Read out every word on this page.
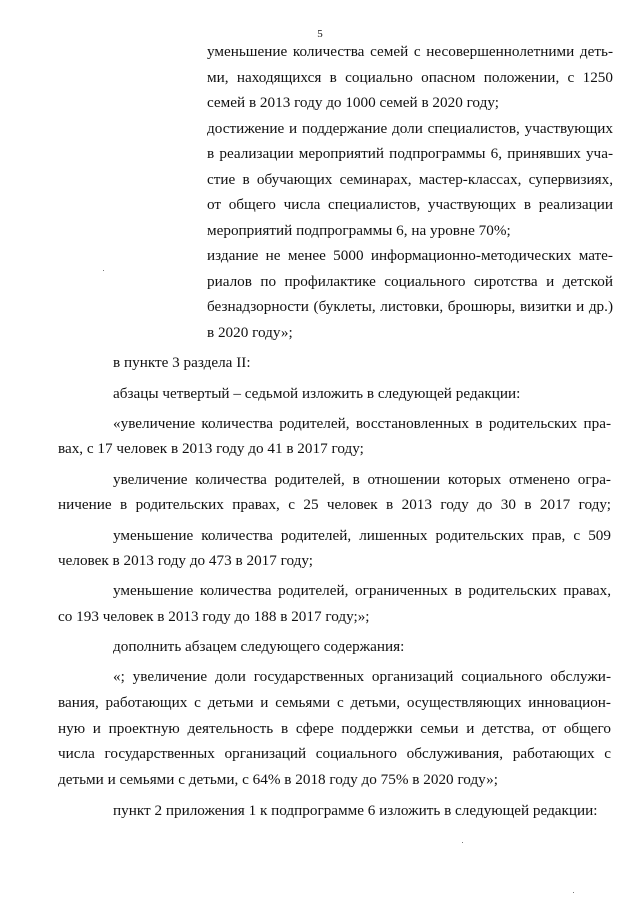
5
уменьшение количества семей с несовершеннолетними деть-
ми, находящихся в социально опасном положении, с 1250
семей в 2013 году до 1000 семей в 2020 году;
достижение и поддержание доли специалистов, участвующих
в реализации мероприятий подпрограммы 6, принявших уча-
стие в обучающих семинарах, мастер-классах, супервизиях,
от общего числа специалистов, участвующих в реализации
мероприятий подпрограммы 6, на уровне 70%;
издание не менее 5000 информационно-методических мате-
риалов по профилактике социального сиротства и детской
безнадзорности (буклеты, листовки, брошюры, визитки и др.)
в 2020 году»;
в пункте 3 раздела II:
абзацы четвертый – седьмой изложить в следующей редакции:
«увеличение количества родителей, восстановленных в родительских пра-
вах, с 17 человек в 2013 году до 41 в 2017 году;
увеличение количества родителей, в отношении которых отменено огра-
ничение в родительских правах, с 25 человек в 2013 году до 30 в 2017 году;
уменьшение количества родителей, лишенных родительских прав, с 509
человек в 2013 году до 473 в 2017 году;
уменьшение количества родителей, ограниченных в родительских правах,
со 193 человек в 2013 году до 188 в 2017 году;»;
дополнить абзацем следующего содержания:
«; увеличение доли государственных организаций социального обслужи-
вания, работающих с детьми и семьями с детьми, осуществляющих инновацион-
ную и проектную деятельность в сфере поддержки семьи и детства, от общего
числа государственных организаций социального обслуживания, работающих с
детьми и семьями с детьми, с 64% в 2018 году до 75% в 2020 году»;
пункт 2 приложения 1 к подпрограмме 6 изложить в следующей редакции:
